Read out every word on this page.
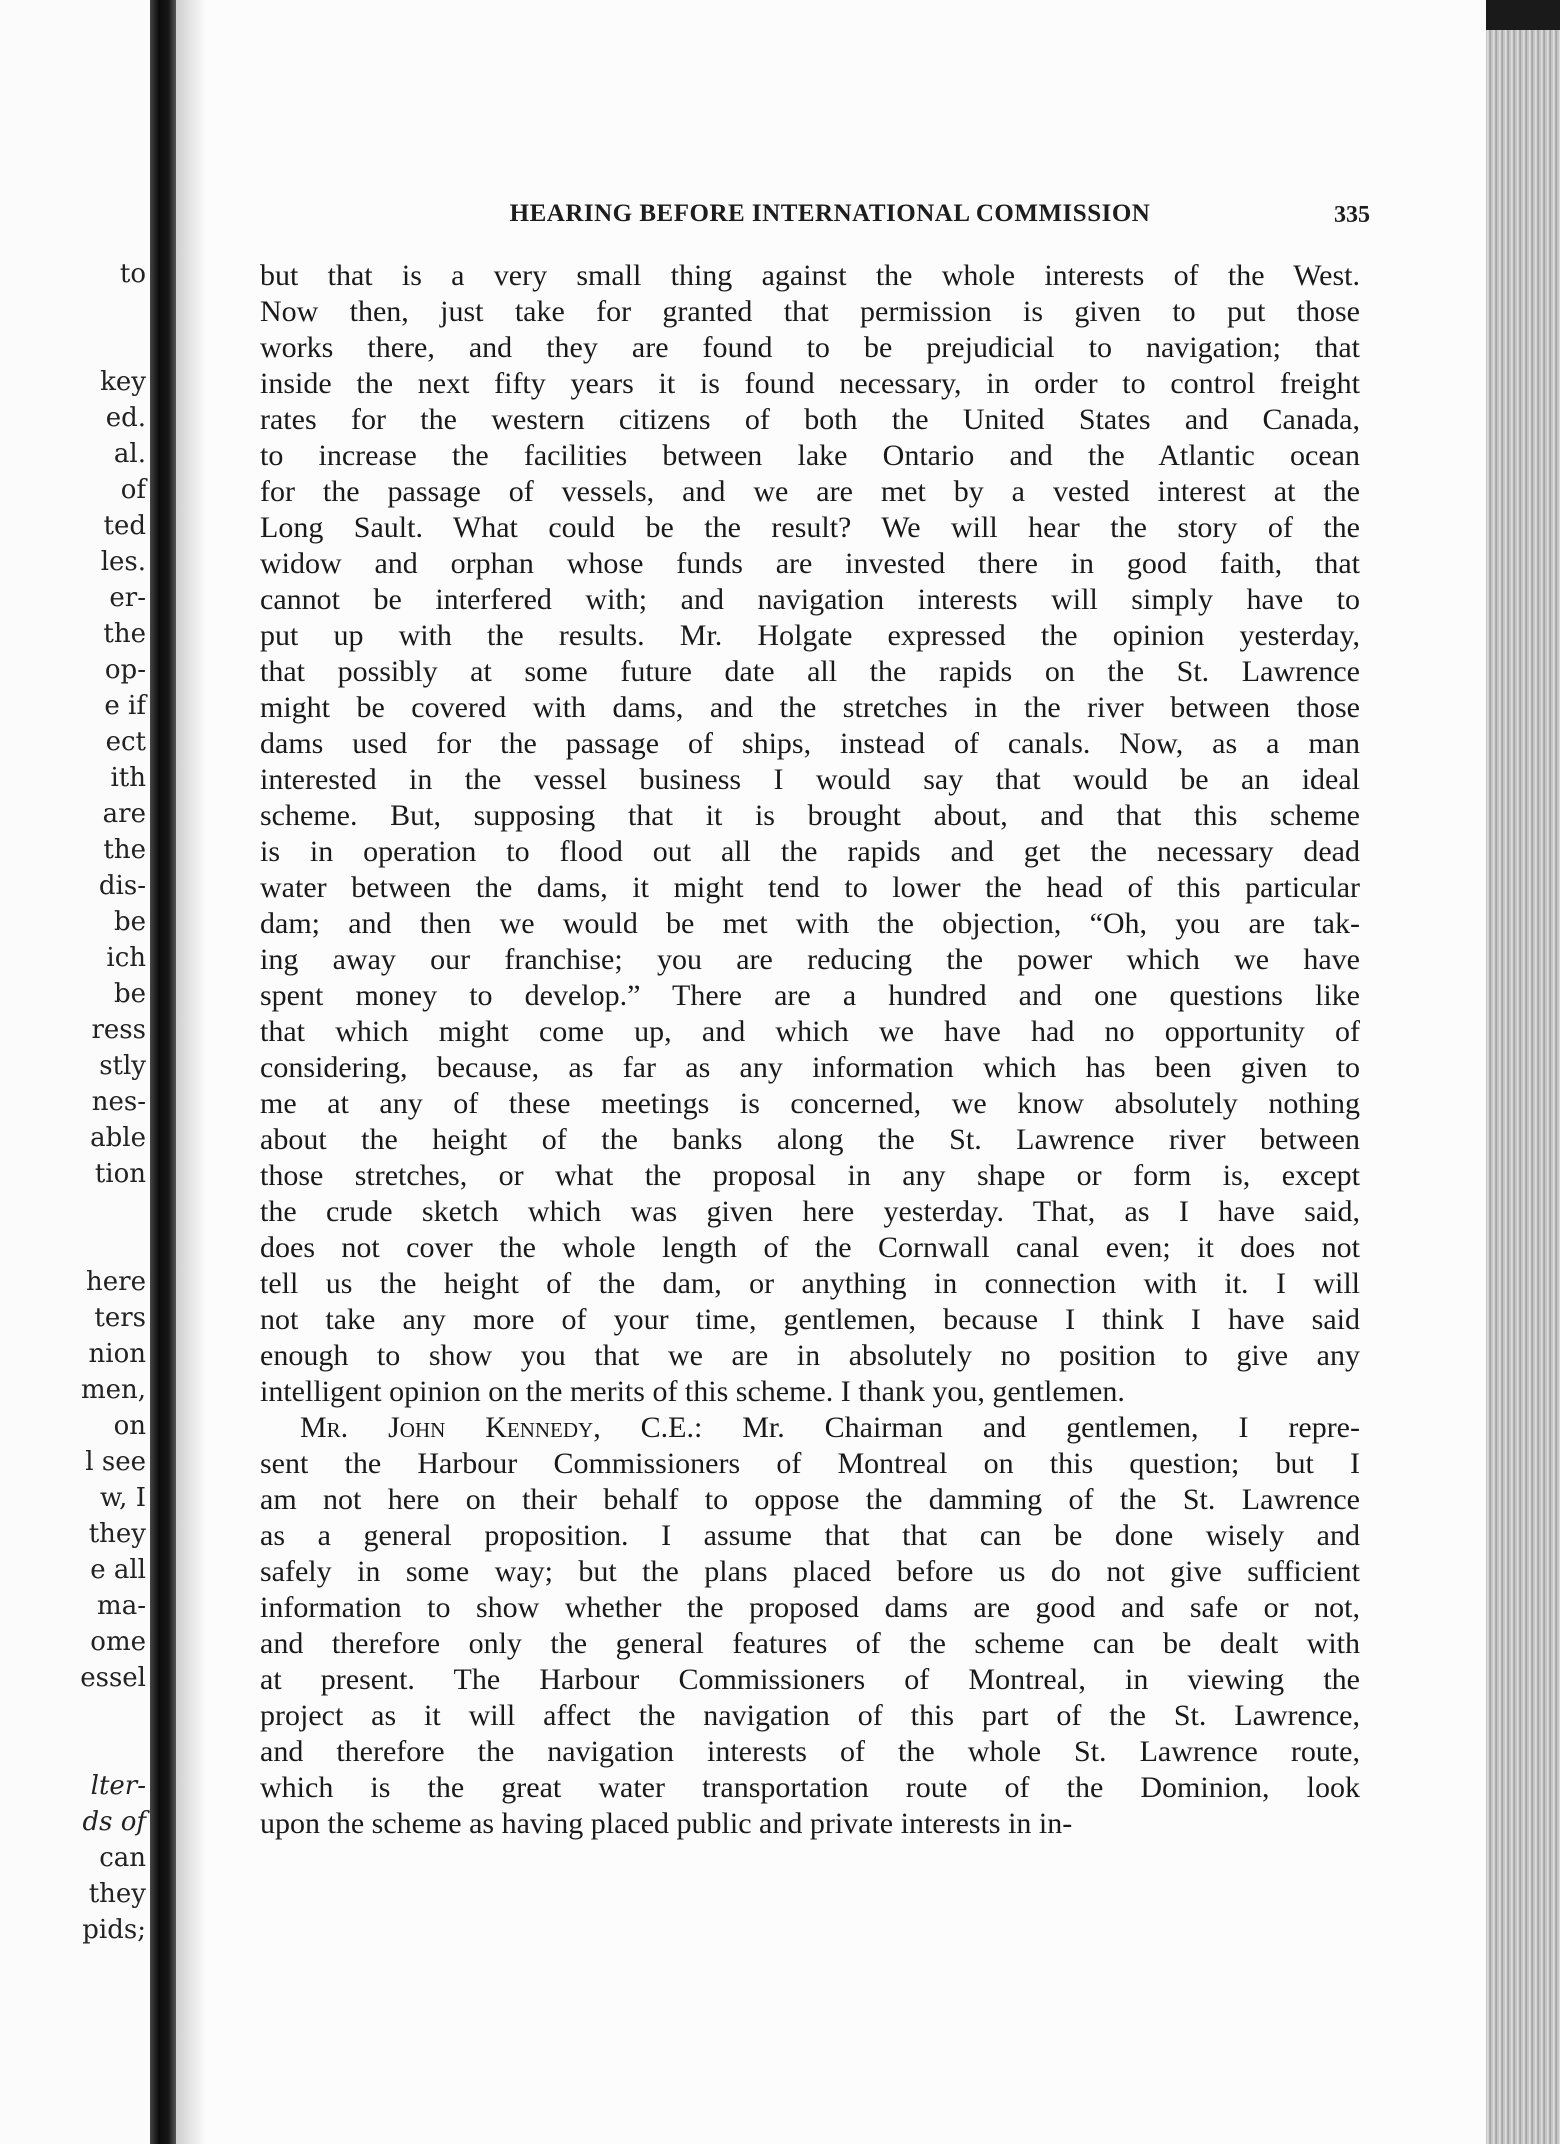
to
key
ed.
al.
of
ted
les.
er-
the
op-
e if
ect
ith
are
the
dis-
be
ich
be
ress
stly
nes-
able
tion
here
ters
nion
men,
on
l see
w, I
they
e all
ma-
ome
essel
lter-
ds of
can
they
pids;
HEARING BEFORE INTERNATIONAL COMMISSION	335
but that is a very small thing against the whole interests of the West.
Now then, just take for granted that permission is given to put those
works there, and they are found to be prejudicial to navigation; that
inside the next fifty years it is found necessary, in order to control freight
rates for the western citizens of both the United States and Canada,
to increase the facilities between lake Ontario and the Atlantic ocean
for the passage of vessels, and we are met by a vested interest at the
Long Sault. What could be the result? We will hear the story of the
widow and orphan whose funds are invested there in good faith, that
cannot be interfered with; and navigation interests will simply have to
put up with the results. Mr. Holgate expressed the opinion yesterday,
that possibly at some future date all the rapids on the St. Lawrence
might be covered with dams, and the stretches in the river between those
dams used for the passage of ships, instead of canals. Now, as a man
interested in the vessel business I would say that would be an ideal
scheme. But, supposing that it is brought about, and that this scheme
is in operation to flood out all the rapids and get the necessary dead
water between the dams, it might tend to lower the head of this particular
dam; and then we would be met with the objection, “Oh, you are tak-
ing away our franchise; you are reducing the power which we have
spent money to develop.” There are a hundred and one questions like
that which might come up, and which we have had no opportunity of
considering, because, as far as any information which has been given to
me at any of these meetings is concerned, we know absolutely nothing
about the height of the banks along the St. Lawrence river between
those stretches, or what the proposal in any shape or form is, except
the crude sketch which was given here yesterday. That, as I have said,
does not cover the whole length of the Cornwall canal even; it does not
tell us the height of the dam, or anything in connection with it. I will
not take any more of your time, gentlemen, because I think I have said
enough to show you that we are in absolutely no position to give any
intelligent opinion on the merits of this scheme. I thank you, gentlemen.
Mr. John Kennedy, C.E.: Mr. Chairman and gentlemen, I repre-
sent the Harbour Commissioners of Montreal on this question; but I
am not here on their behalf to oppose the damming of the St. Lawrence
as a general proposition. I assume that that can be done wisely and
safely in some way; but the plans placed before us do not give sufficient
information to show whether the proposed dams are good and safe or not,
and therefore only the general features of the scheme can be dealt with
at present. The Harbour Commissioners of Montreal, in viewing the
project as it will affect the navigation of this part of the St. Lawrence,
and therefore the navigation interests of the whole St. Lawrence route,
which is the great water transportation route of the Dominion, look
upon the scheme as having placed public and private interests in in-
